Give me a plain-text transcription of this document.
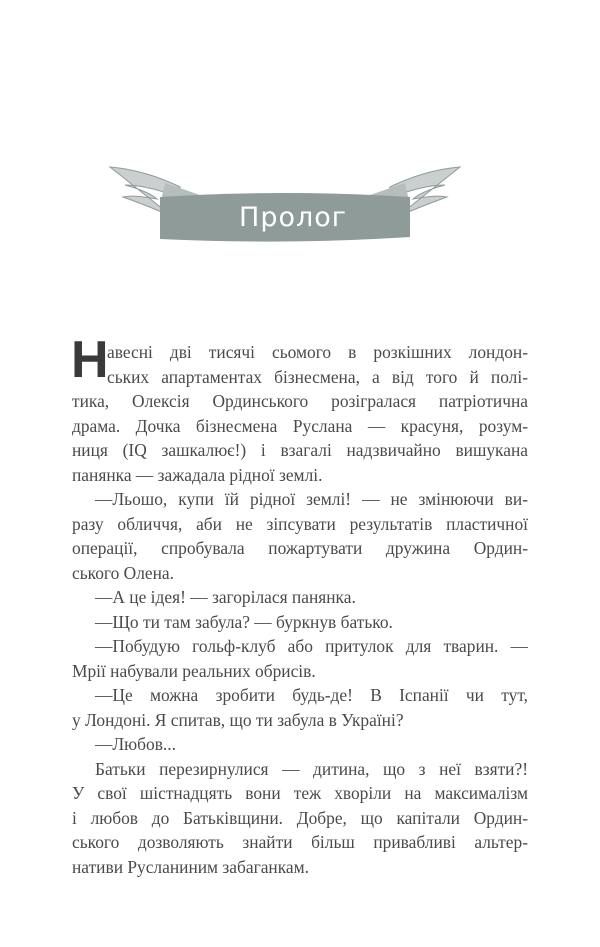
Пролог
Н
авесні дві тисячі сьомого в розкішних лондон-
ських апартаментах бізнесмена, а від того й полі-
тика, Олексія Ординського розігралася патріотична
драма. Дочка бізнесмена Руслана — красуня, розум-
ниця (IQ зашкалює!) і взагалі надзвичайно вишукана
панянка — зажадала рідної землі.
—Льошо, купи їй рідної землі! — не змінюючи ви-
разу обличчя, аби не зіпсувати результатів пластичної
операції, спробувала пожартувати дружина Ордин-
ського Олена.
—А це ідея! — загорілася панянка.
—Що ти там забула? — буркнув батько.
—Побудую гольф-клуб або притулок для тварин. —
Мрії набували реальних обрисів.
—Це можна зробити будь-де! В Іспанії чи тут,
у Лондоні. Я спитав, що ти забула в Україні?
—Любов...
Батьки перезирнулися — дитина, що з неї взяти?!
У свої шістнадцять вони теж хворіли на максималізм
і любов до Батьківщини. Добре, що капітали Ордин-
ського дозволяють знайти більш привабливі альтер-
нативи Русланиним забаганкам.
